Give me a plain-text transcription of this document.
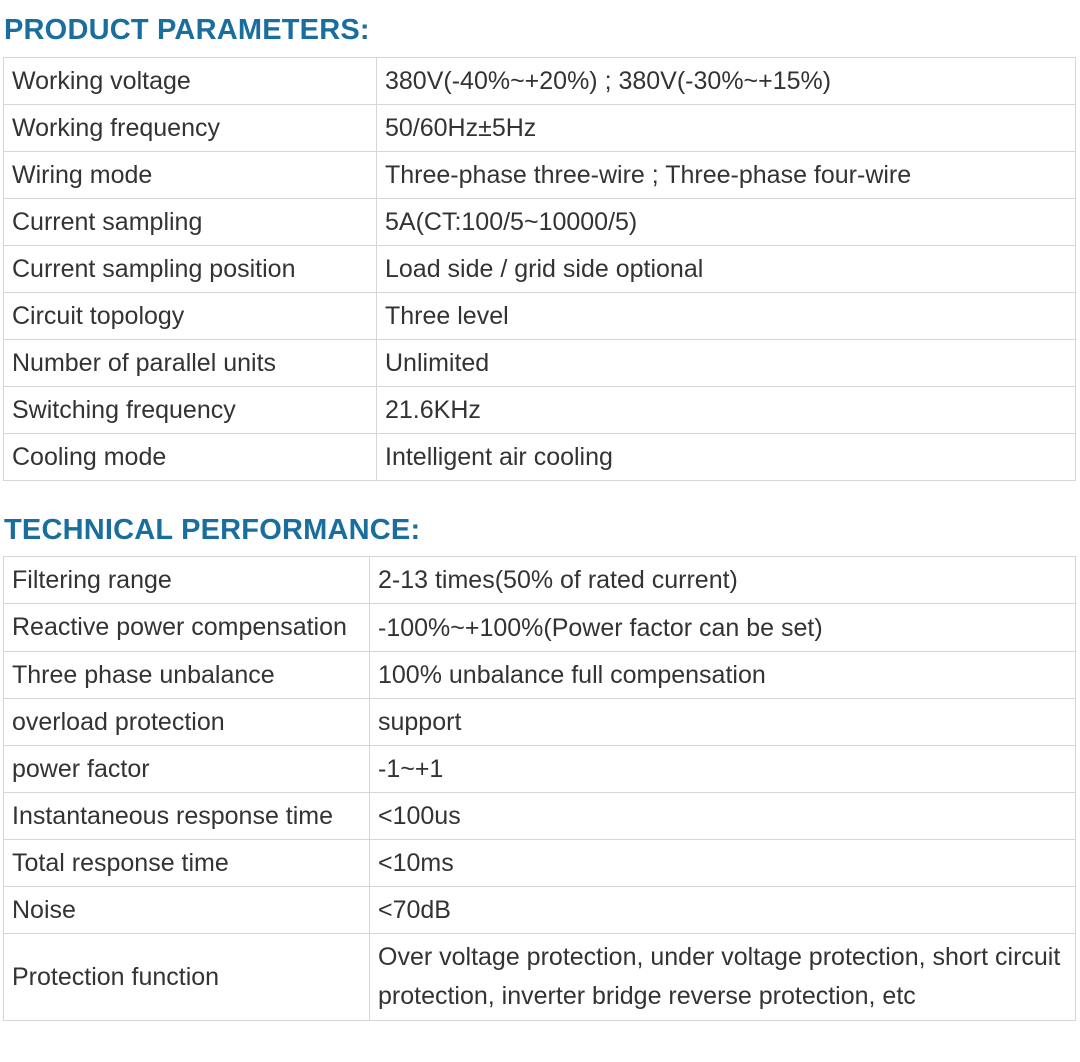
PRODUCT PARAMETERS:
Working voltage	380V(-40%~+20%) ; 380V(-30%~+15%)
Working frequency	50/60Hz±5Hz
Wiring mode	Three-phase three-wire ; Three-phase four-wire
Current sampling	5A(CT:100/5~10000/5)
Current sampling position	Load side / grid side optional
Circuit topology	Three level
Number of parallel units	Unlimited
Switching frequency	21.6KHz
Cooling mode	Intelligent air cooling
TECHNICAL PERFORMANCE:
Filtering range	2-13 times(50% of rated current)
Reactive power compensation	-100%~+100%(Power factor can be set)
Three phase unbalance	100% unbalance full compensation
overload protection	support
power factor	-1~+1
Instantaneous response time	<100us
Total response time	<10ms
Noise	<70dB
Protection function	Over voltage protection, under voltage protection, short circuit protection, inverter bridge reverse protection, etc
